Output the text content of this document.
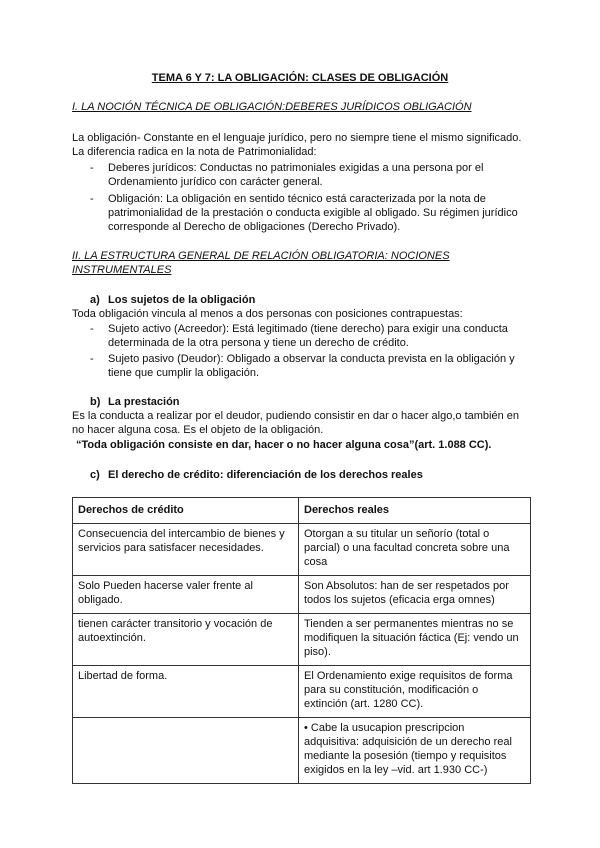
TEMA 6 Y 7: LA OBLIGACIÓN: CLASES DE OBLIGACIÓN
I. LA NOCIÓN TÉCNICA DE OBLIGACIÓN:DEBERES JURÍDICOS OBLIGACIÓN
La obligación- Constante en el lenguaje jurídico, pero no siempre tiene el mismo significado.
La diferencia radica en la nota de Patrimonialidad:
- Deberes jurídicos: Conductas no patrimoniales exigidas a una persona por el
Ordenamiento jurídico con carácter general.
- Obligación: La obligación en sentido técnico está caracterizada por la nota de
patrimonialidad de la prestación o conducta exigible al obligado. Su régimen jurídico
corresponde al Derecho de obligaciones (Derecho Privado).
II. LA ESTRUCTURA GENERAL DE RELACIÓN OBLIGATORIA: NOCIONES
INSTRUMENTALES
a) Los sujetos de la obligación
Toda obligación vincula al menos a dos personas con posiciones contrapuestas:
- Sujeto activo (Acreedor): Está legitimado (tiene derecho) para exigir una conducta
determinada de la otra persona y tiene un derecho de crédito.
- Sujeto pasivo (Deudor): Obligado a observar la conducta prevista en la obligación y
tiene que cumplir la obligación.
b) La prestación
Es la conducta a realizar por el deudor, pudiendo consistir en dar o hacer algo,o también en
no hacer alguna cosa. Es el objeto de la obligación.
“Toda obligación consiste en dar, hacer o no hacer alguna cosa”(art. 1.088 CC).
c) El derecho de crédito: diferenciación de los derechos reales
Derechos de crédito	Derechos reales
Consecuencia del intercambio de bienes y
servicios para satisfacer necesidades.	Otorgan a su titular un señorío (total o
parcial) o una facultad concreta sobre una
cosa
Solo Pueden hacerse valer frente al
obligado.	Son Absolutos: han de ser respetados por
todos los sujetos (eficacia erga omnes)
tienen carácter transitorio y vocación de
autoextinción.	Tienden a ser permanentes mientras no se
modifiquen la situación fáctica (Ej: vendo un
piso).
Libertad de forma.	El Ordenamiento exige requisitos de forma
para su constitución, modificación o
extinción (art. 1280 CC).
	• Cabe la usucapion prescripcion
adquisitiva: adquisición de un derecho real
mediante la posesión (tiempo y requisitos
exigidos en la ley –vid. art 1.930 CC-)
